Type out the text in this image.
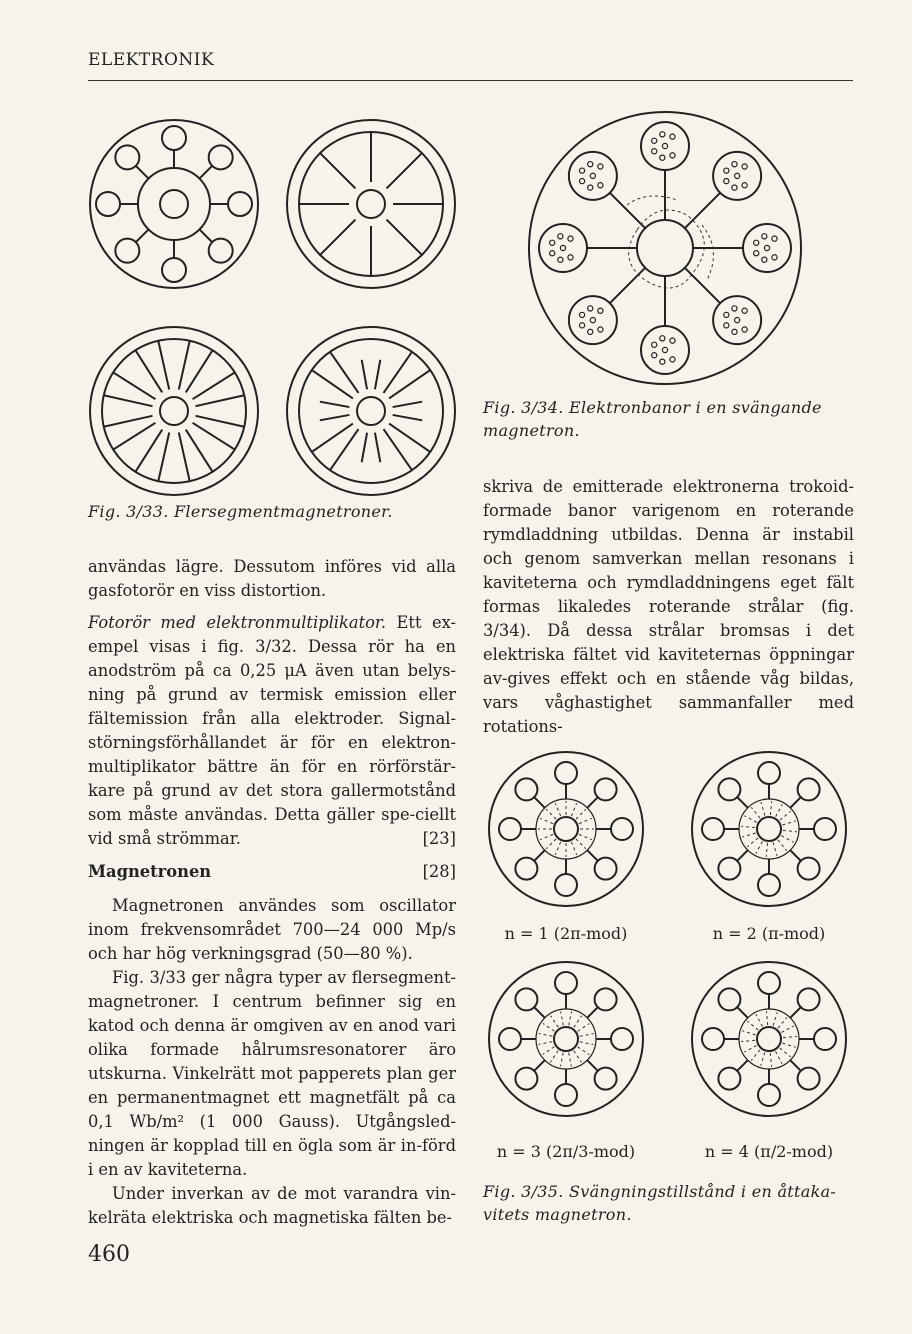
ELEKTRONIK
Fig. 3/33. Flersegmentmagnetroner.
Fig. 3/34. Elektronbanor i en svängande
magnetron.

skriva de emitterade elektronerna trokoid-formade banor varigenom en roterande rymdladdning utbildas. Denna är instabil och genom samverkan mellan resonans i kaviteterna och rymdladdningens eget fält formas likaledes roterande strålar (fig. 3/34). Då dessa strålar bromsas i det elektriska fältet vid kaviteternas öppningar av-gives effekt och en stående våg bildas, vars våghastighet sammanfaller med rotations-

användas lägre. Dessutom införes vid alla gasfotorör en viss distortion.

Fotorör med elektronmultiplikator. Ett ex-empel visas i fig. 3/32. Dessa rör ha en anodström på ca 0,25 μA även utan belys-ning på grund av termisk emission eller fältemission från alla elektroder. Signal-störningsförhållandet är för en elektron-multiplikator bättre än för en rörförstär-kare på grund av det stora gallermotstånd som måste användas. Detta gäller spe-ciellt vid små strömmar.	[23]

Magnetronen	[28]

Magnetronen användes som oscillator inom frekvensområdet 700—24 000 Mp/s och har hög verkningsgrad (50—80 %).

Fig. 3/33 ger några typer av flersegment-magnetroner. I centrum befinner sig en katod och denna är omgiven av en anod vari olika formade hålrumsresonatorer äro utskurna. Vinkelrätt mot papperets plan ger en permanentmagnet ett magnetfält på ca 0,1 Wb/m² (1 000 Gauss). Utgångsled-ningen är kopplad till en ögla som är in-förd i en av kaviteterna.

Under inverkan av de mot varandra vin-kelräta elektriska och magnetiska fälten be-

n = 1 (2π-mod)	n = 2 (π-mod)
n = 3 (2π/3-mod)	n = 4 (π/2-mod)
Fig. 3/35. Svängningstillstånd i en åttaka-
vitets magnetron.
460
